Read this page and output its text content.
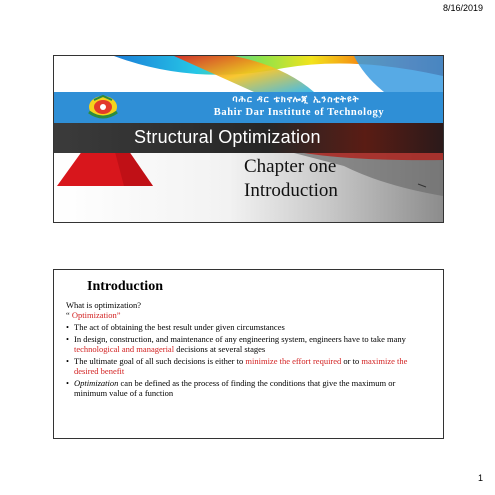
8/16/2019
ባሕር ዳር ቴክኖሎጂ ኢንስቲትዩት
Bahir Dar Institute of Technology
Structural Optimization
Chapter one
Introduction
Introduction
What is optimization?
“ Optimization”
• The act of obtaining the best result under given circumstances
• In design, construction, and maintenance of any engineering system, engineers have to take many technological and managerial decisions at several stages
• The ultimate goal of all such decisions is either to minimize the effort required or to maximize the desired benefit
• Optimization can be defined as the process of finding the conditions that give the maximum or minimum value of a function
1
